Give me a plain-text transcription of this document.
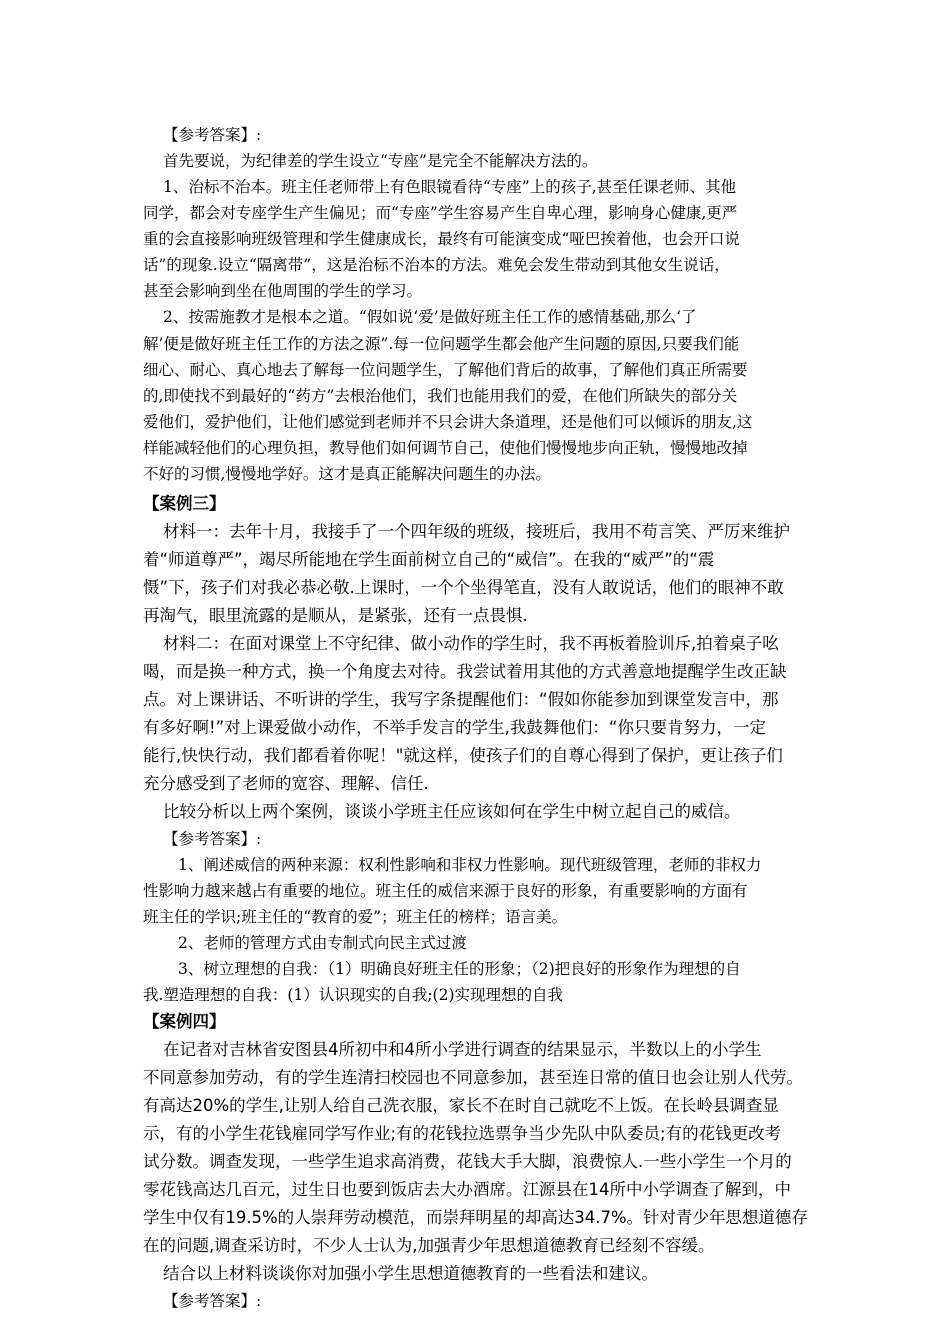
【参考答案】:
首先要说，为纪律差的学生设立“专座”是完全不能解决方法的。
1、治标不治本。班主任老师带上有色眼镜看待“专座”上的孩子,甚至任课老师、其他
同学，都会对专座学生产生偏见；而“专座”学生容易产生自卑心理，影响身心健康,更严
重的会直接影响班级管理和学生健康成长，最终有可能演变成“哑巴挨着他，也会开口说
话”的现象.设立“隔离带”，这是治标不治本的方法。难免会发生带动到其他女生说话，
甚至会影响到坐在他周围的学生的学习。
2、按需施教才是根本之道。“假如说‘爱’是做好班主任工作的感情基础,那么‘了
解’便是做好班主任工作的方法之源”.每一位问题学生都会他产生问题的原因,只要我们能
细心、耐心、真心地去了解每一位问题学生，了解他们背后的故事，了解他们真正所需要
的,即使找不到最好的“药方”去根治他们，我们也能用我们的爱，在他们所缺失的部分关
爱他们，爱护他们，让他们感觉到老师并不只会讲大条道理，还是他们可以倾诉的朋友,这
样能减轻他们的心理负担，教导他们如何调节自己，使他们慢慢地步向正轨，慢慢地改掉
不好的习惯,慢慢地学好。这才是真正能解决问题生的办法。
【案例三】
材料一：去年十月，我接手了一个四年级的班级，接班后，我用不苟言笑、严厉来维护
着“师道尊严”，竭尽所能地在学生面前树立自己的“威信”。在我的“威严”的“震
慑”下，孩子们对我必恭必敬.上课时，一个个坐得笔直，没有人敢说话，他们的眼神不敢
再淘气，眼里流露的是顺从，是紧张，还有一点畏惧.
材料二：在面对课堂上不守纪律、做小动作的学生时，我不再板着脸训斥,拍着桌子吆
喝，而是换一种方式，换一个角度去对待。我尝试着用其他的方式善意地提醒学生改正缺
点。对上课讲话、不听讲的学生，我写字条提醒他们：“假如你能参加到课堂发言中，那
有多好啊!”对上课爱做小动作，不举手发言的学生,我鼓舞他们：“你只要肯努力，一定
能行,快快行动，我们都看着你呢！"就这样，使孩子们的自尊心得到了保护，更让孩子们
充分感受到了老师的宽容、理解、信任.
比较分析以上两个案例，谈谈小学班主任应该如何在学生中树立起自己的威信。
【参考答案】:
1、阐述威信的两种来源：权利性影响和非权力性影响。现代班级管理，老师的非权力
性影响力越来越占有重要的地位。班主任的威信来源于良好的形象，有重要影响的方面有
班主任的学识;班主任的“教育的爱”；班主任的榜样；语言美。
2、老师的管理方式由专制式向民主式过渡
3、树立理想的自我：（1）明确良好班主任的形象；（2)把良好的形象作为理想的自
我.塑造理想的自我：(1）认识现实的自我;(2)实现理想的自我
【案例四】
在记者对吉林省安图县4所初中和4所小学进行调查的结果显示，半数以上的小学生
不同意参加劳动，有的学生连清扫校园也不同意参加，甚至连日常的值日也会让别人代劳。
有高达20%的学生,让别人给自己洗衣服，家长不在时自己就吃不上饭。在长岭县调查显
示，有的小学生花钱雇同学写作业;有的花钱拉选票争当少先队中队委员;有的花钱更改考
试分数。调查发现，一些学生追求高消费，花钱大手大脚，浪费惊人.一些小学生一个月的
零花钱高达几百元，过生日也要到饭店去大办酒席。江源县在14所中小学调查了解到，中
学生中仅有19.5%的人崇拜劳动模范，而崇拜明星的却高达34.7%。针对青少年思想道德存
在的问题,调查采访时，不少人士认为,加强青少年思想道德教育已经刻不容缓。
结合以上材料谈谈你对加强小学生思想道德教育的一些看法和建议。
【参考答案】:
